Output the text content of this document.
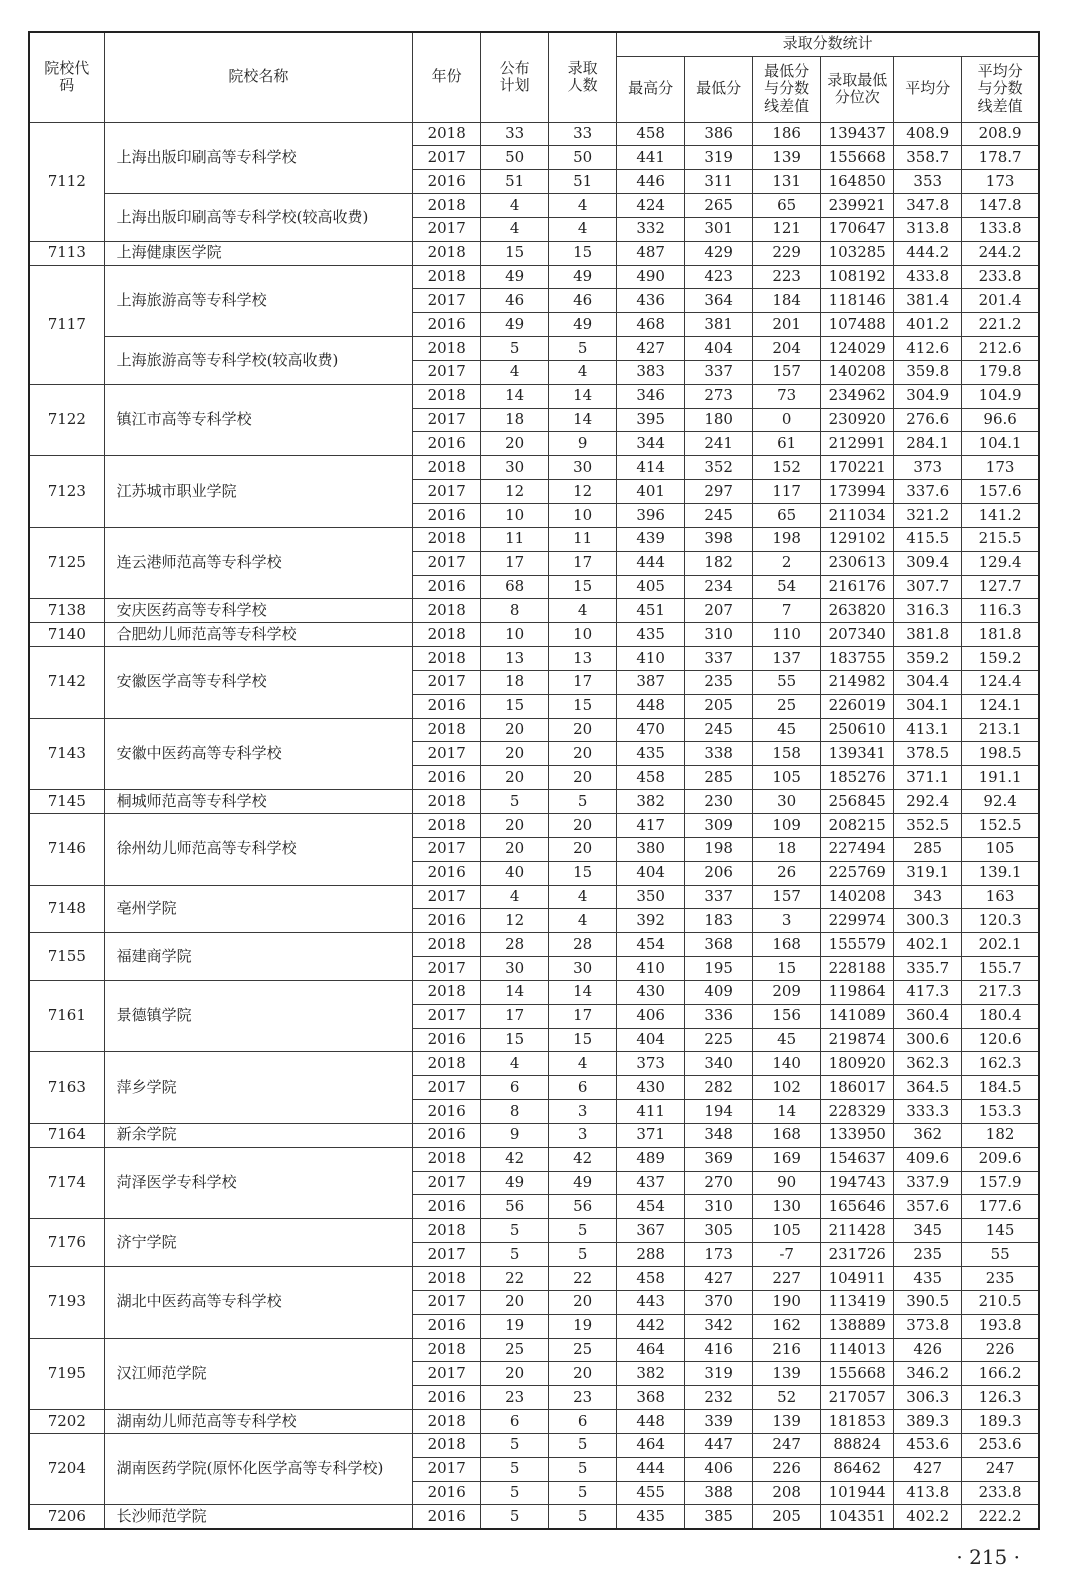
院校代码	院校名称	年份	公布计划	录取人数	录取分数统计					
					最高分	最低分	最低分与分数线差值	录取最低分位次	平均分	平均分与分数线差值
7112	上海出版印刷高等专科学校	2018	33	33	458	386	186	139437	408.9	208.9
		2017	50	50	441	319	139	155668	358.7	178.7
		2016	51	51	446	311	131	164850	353	173
	上海出版印刷高等专科学校(较高收费)	2018	4	4	424	265	65	239921	347.8	147.8
		2017	4	4	332	301	121	170647	313.8	133.8
7113	上海健康医学院	2018	15	15	487	429	229	103285	444.2	244.2
7117	上海旅游高等专科学校	2018	49	49	490	423	223	108192	433.8	233.8
		2017	46	46	436	364	184	118146	381.4	201.4
		2016	49	49	468	381	201	107488	401.2	221.2
	上海旅游高等专科学校(较高收费)	2018	5	5	427	404	204	124029	412.6	212.6
		2017	4	4	383	337	157	140208	359.8	179.8
7122	镇江市高等专科学校	2018	14	14	346	273	73	234962	304.9	104.9
		2017	18	14	395	180	0	230920	276.6	96.6
		2016	20	9	344	241	61	212991	284.1	104.1
7123	江苏城市职业学院	2018	30	30	414	352	152	170221	373	173
		2017	12	12	401	297	117	173994	337.6	157.6
		2016	10	10	396	245	65	211034	321.2	141.2
7125	连云港师范高等专科学校	2018	11	11	439	398	198	129102	415.5	215.5
		2017	17	17	444	182	2	230613	309.4	129.4
		2016	68	15	405	234	54	216176	307.7	127.7
7138	安庆医药高等专科学校	2018	8	4	451	207	7	263820	316.3	116.3
7140	合肥幼儿师范高等专科学校	2018	10	10	435	310	110	207340	381.8	181.8
7142	安徽医学高等专科学校	2018	13	13	410	337	137	183755	359.2	159.2
		2017	18	17	387	235	55	214982	304.4	124.4
		2016	15	15	448	205	25	226019	304.1	124.1
7143	安徽中医药高等专科学校	2018	20	20	470	245	45	250610	413.1	213.1
		2017	20	20	435	338	158	139341	378.5	198.5
		2016	20	20	458	285	105	185276	371.1	191.1
7145	桐城师范高等专科学校	2018	5	5	382	230	30	256845	292.4	92.4
7146	徐州幼儿师范高等专科学校	2018	20	20	417	309	109	208215	352.5	152.5
		2017	20	20	380	198	18	227494	285	105
		2016	40	15	404	206	26	225769	319.1	139.1
7148	亳州学院	2017	4	4	350	337	157	140208	343	163
		2016	12	4	392	183	3	229974	300.3	120.3
7155	福建商学院	2018	28	28	454	368	168	155579	402.1	202.1
		2017	30	30	410	195	15	228188	335.7	155.7
7161	景德镇学院	2018	14	14	430	409	209	119864	417.3	217.3
		2017	17	17	406	336	156	141089	360.4	180.4
		2016	15	15	404	225	45	219874	300.6	120.6
7163	萍乡学院	2018	4	4	373	340	140	180920	362.3	162.3
		2017	6	6	430	282	102	186017	364.5	184.5
		2016	8	3	411	194	14	228329	333.3	153.3
7164	新余学院	2016	9	3	371	348	168	133950	362	182
7174	菏泽医学专科学校	2018	42	42	489	369	169	154637	409.6	209.6
		2017	49	49	437	270	90	194743	337.9	157.9
		2016	56	56	454	310	130	165646	357.6	177.6
7176	济宁学院	2018	5	5	367	305	105	211428	345	145
		2017	5	5	288	173	-7	231726	235	55
7193	湖北中医药高等专科学校	2018	22	22	458	427	227	104911	435	235
		2017	20	20	443	370	190	113419	390.5	210.5
		2016	19	19	442	342	162	138889	373.8	193.8
7195	汉江师范学院	2018	25	25	464	416	216	114013	426	226
		2017	20	20	382	319	139	155668	346.2	166.2
		2016	23	23	368	232	52	217057	306.3	126.3
7202	湖南幼儿师范高等专科学校	2018	6	6	448	339	139	181853	389.3	189.3
7204	湖南医药学院(原怀化医学高等专科学校)	2018	5	5	464	447	247	88824	453.6	253.6
		2017	5	5	444	406	226	86462	427	247
		2016	5	5	455	388	208	101944	413.8	233.8
7206	长沙师范学院	2016	5	5	435	385	205	104351	402.2	222.2
· 215 ·
